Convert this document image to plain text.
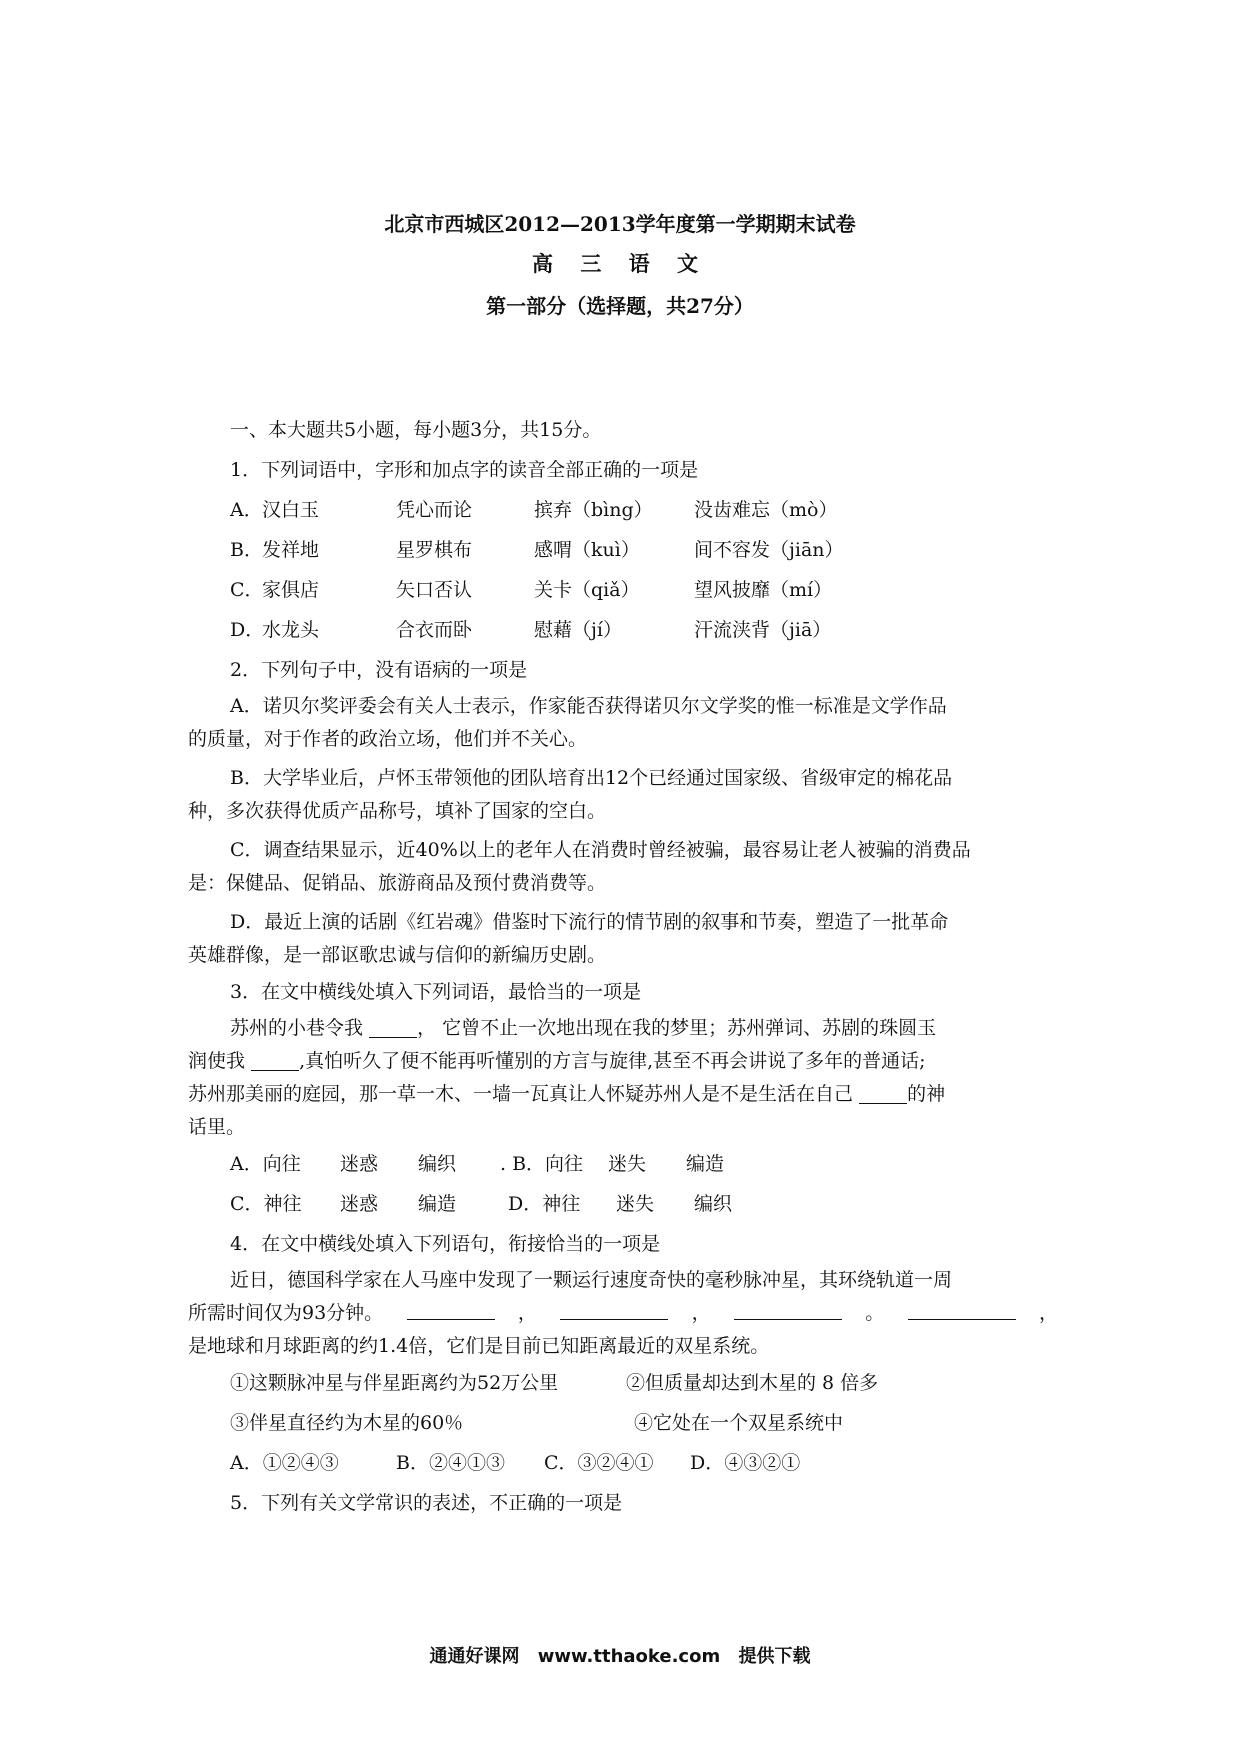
北京市西城区2012—2013学年度第一学期期末试卷
高 三 语 文
第一部分（选择题，共27分）
一、本大题共5小题，每小题3分，共15分。
1．下列词语中，字形和加点字的读音全部正确的一项是
A．汉白玉	凭心而论	摈弃（bìng） 没齿难忘（mò）
B．发祥地	星罗棋布	感喟（kuì）	间不容发（jiān）
C．家俱店	矢口否认	关卡（qiǎ）	望风披靡（mí）
D．水龙头	合衣而卧	慰藉（jí）	汗流浃背（jiā）
2．下列句子中，没有语病的一项是
A．诺贝尔奖评委会有关人士表示，作家能否获得诺贝尔文学奖的惟一标准是文学作品
的质量，对于作者的政治立场，他们并不关心。
B．大学毕业后，卢怀玉带领他的团队培育出12个已经通过国家级、省级审定的棉花品
种，多次获得优质产品称号，填补了国家的空白。
C．调查结果显示，近40%以上的老年人在消费时曾经被骗，最容易让老人被骗的消费品
是：保健品、促销品、旅游商品及预付费消费等。
D．最近上演的话剧《红岩魂》借鉴时下流行的情节剧的叙事和节奏，塑造了一批革命
英雄群像，是一部讴歌忠诚与信仰的新编历史剧。
3．在文中横线处填入下列词语，最恰当的一项是
苏州的小巷令我	， 它曾不止一次地出现在我的梦里；苏州弹词、苏剧的珠圆玉
润使我	,真怕听久了便不能再听懂别的方言与旋律,甚至不再会讲说了多年的普通话;
苏州那美丽的庭园，那一草一木、一墙一瓦真让人怀疑苏州人是不是生活在自己	的神
话里。
A．向往 迷惑 编织 . B．向往 迷失 编造
C．神往 迷惑 编造	D．神往 迷失 编织
4．在文中横线处填入下列语句，衔接恰当的一项是
近日，德国科学家在人马座中发现了一颗运行速度奇快的毫秒脉冲星，其环绕轨道一周
所需时间仅为93分钟。	，	，	。	，
是地球和月球距离的约1.4倍，它们是目前已知距离最近的双星系统。
①这颗脉冲星与伴星距离约为52万公里	②但质量却达到木星的 8 倍多
③伴星直径约为木星的60％	④它处在一个双星系统中
A．①②④③	B．②④①③ C．③②④① D．④③②①
5．下列有关文学常识的表述，不正确的一项是
通通好课网 www.tthaoke.com 提供下载
